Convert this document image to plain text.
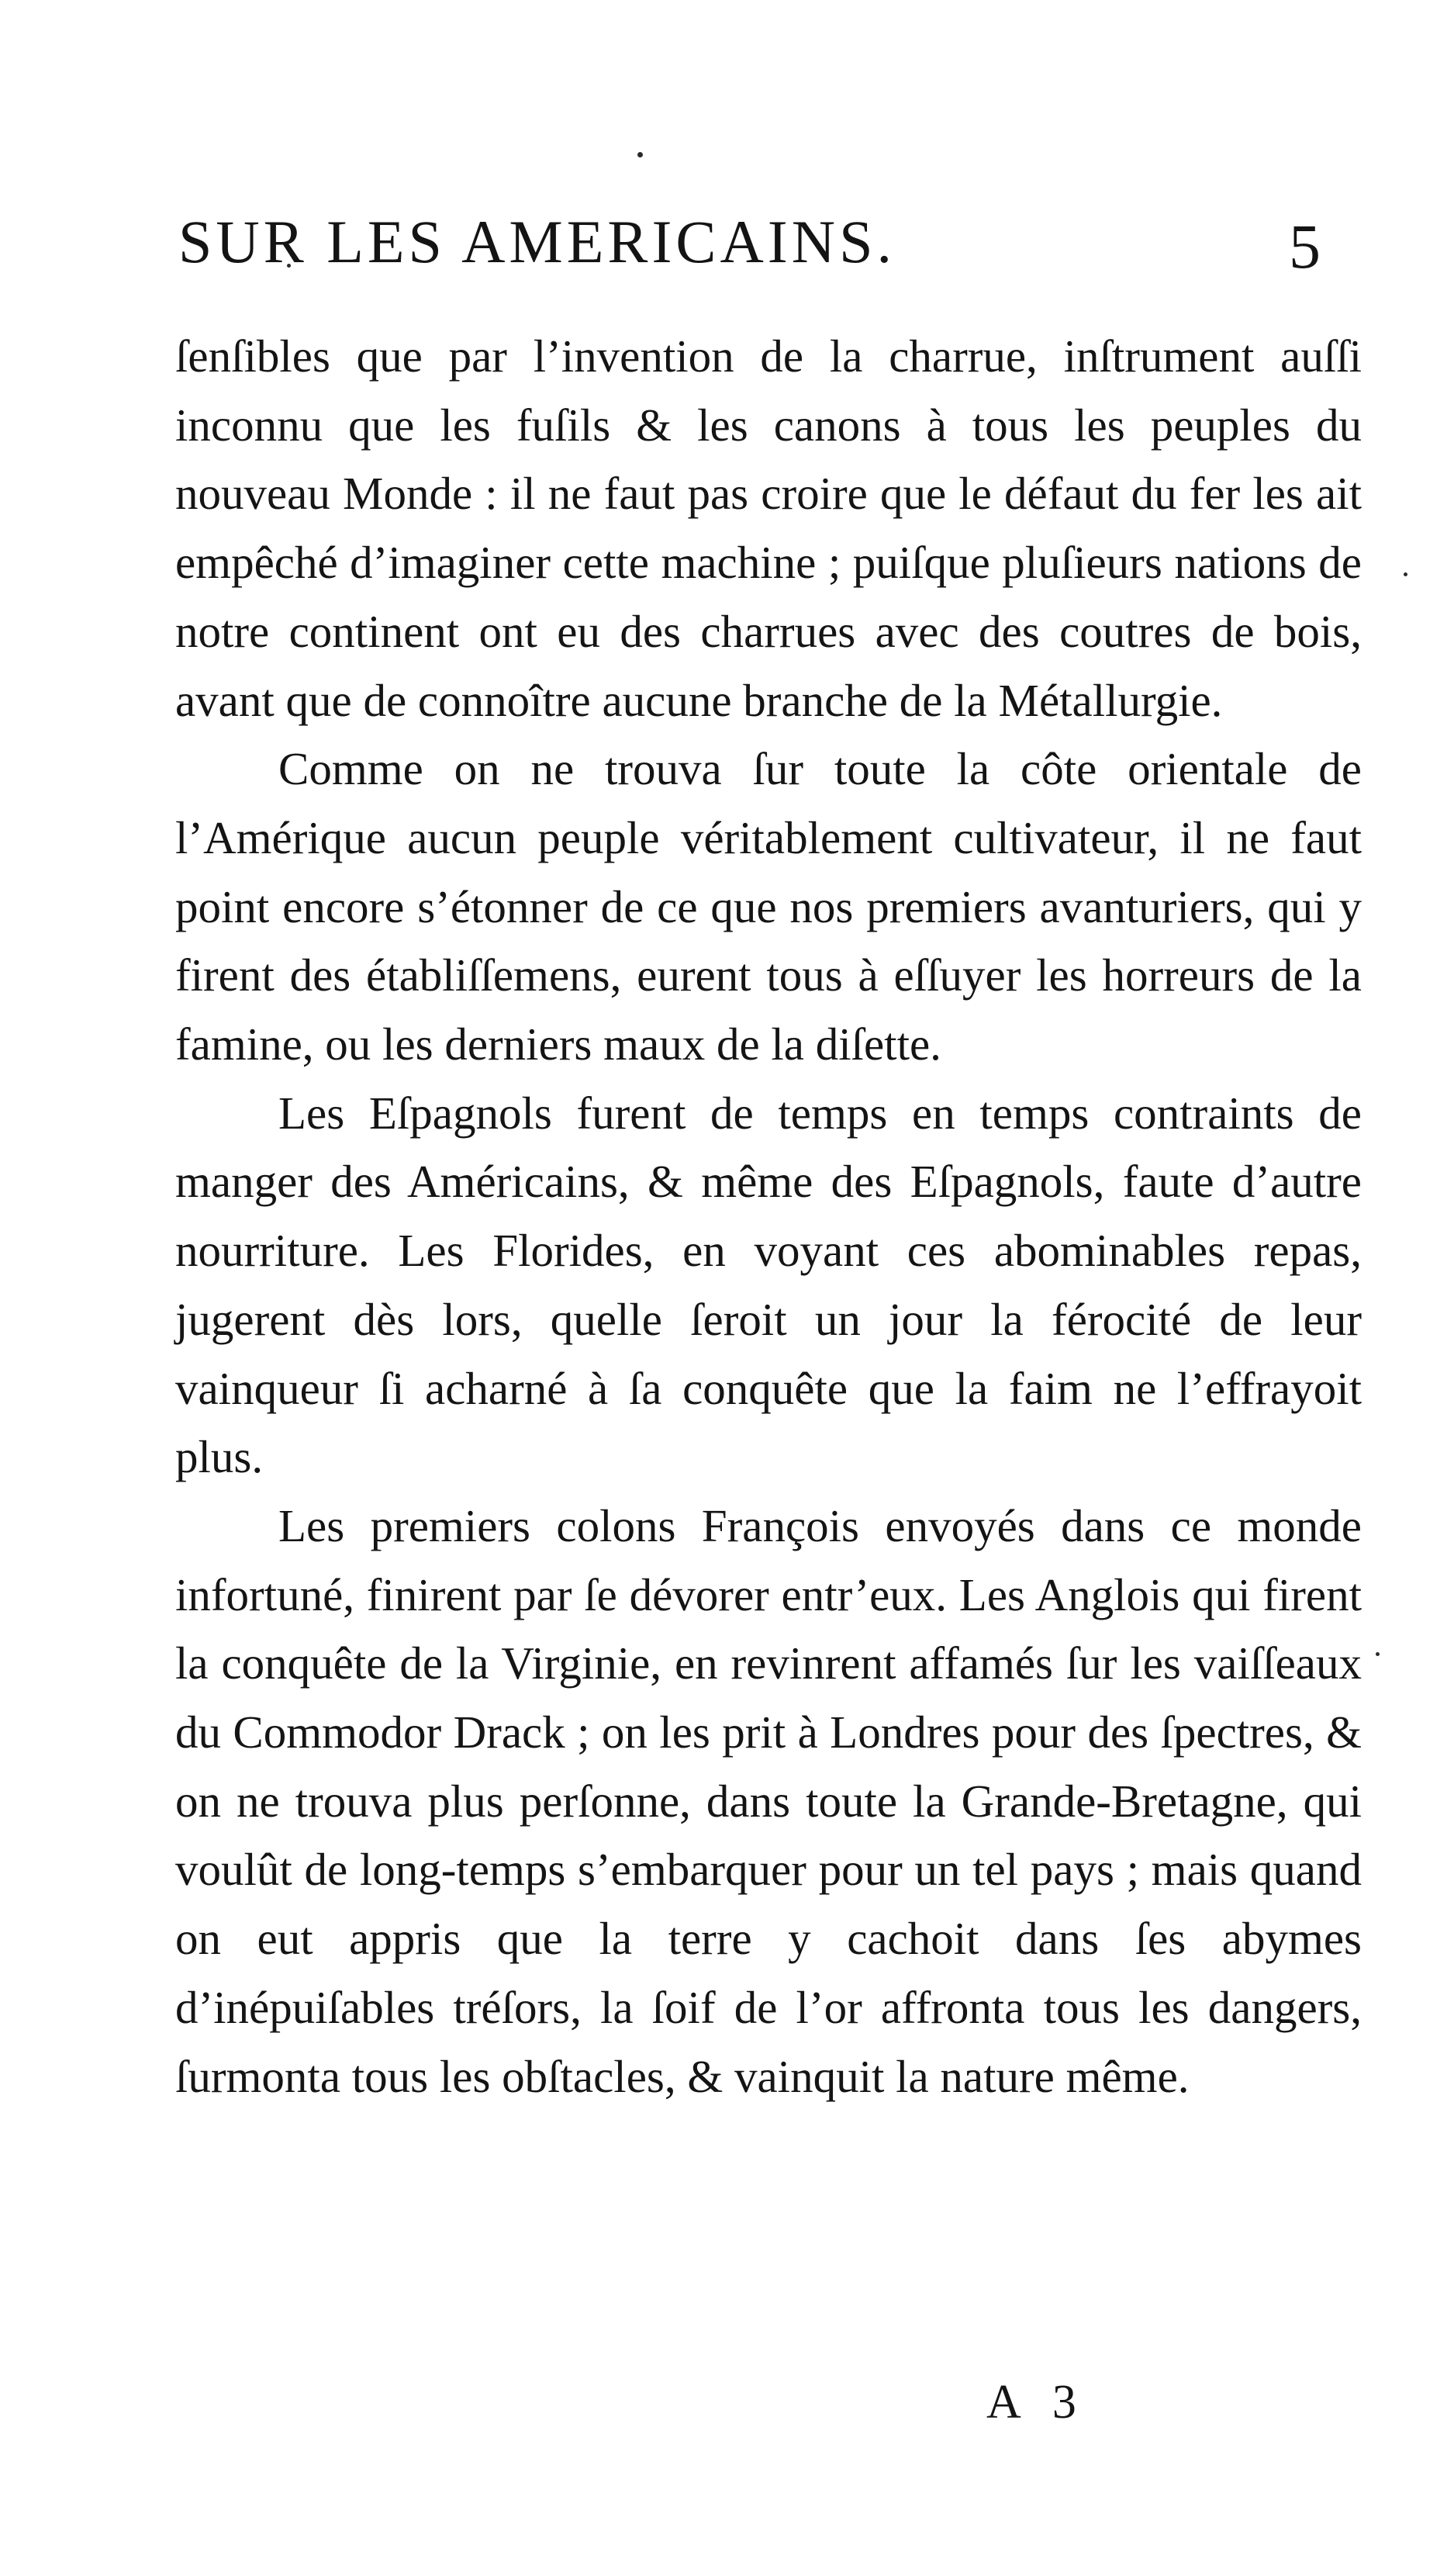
SUR LES AMERICAINS.	5

ſenſibles que par l’invention de la charrue, inſtrument auſſi inconnu que les fuſils & les canons à tous les peuples du nouveau Monde : il ne faut pas croire que le défaut du fer les ait empêché d’imaginer cette machine ; puiſque pluſieurs nations de notre continent ont eu des charrues avec des coutres de bois, avant que de connoître aucune branche de la Métallurgie.

Comme on ne trouva ſur toute la côte orientale de l’Amérique aucun peuple véritablement cultivateur, il ne faut point encore s’étonner de ce que nos premiers avanturiers, qui y firent des établiſſemens, eurent tous à eſſuyer les horreurs de la famine, ou les derniers maux de la diſette.

Les Eſpagnols furent de temps en temps contraints de manger des Américains, & même des Eſpagnols, faute d’autre nourriture. Les Florides, en voyant ces abominables repas, jugerent dès lors, quelle ſeroit un jour la férocité de leur vainqueur ſi acharné à ſa conquête que la faim ne l’effrayoit plus.

Les premiers colons François envoyés dans ce monde infortuné, finirent par ſe dévorer entr’eux. Les Anglois qui firent la conquête de la Virginie, en revinrent affamés ſur les vaiſſeaux du Commodor Drack ; on les prit à Londres pour des ſpectres, & on ne trouva plus perſonne, dans toute la Grande-Bretagne, qui voulût de long-temps s’embarquer pour un tel pays ; mais quand on eut appris que la terre y cachoit dans ſes abymes d’inépuiſables tréſors, la ſoif de l’or affronta tous les dangers, ſurmonta tous les obſtacles, & vainquit la nature même.

A 3
